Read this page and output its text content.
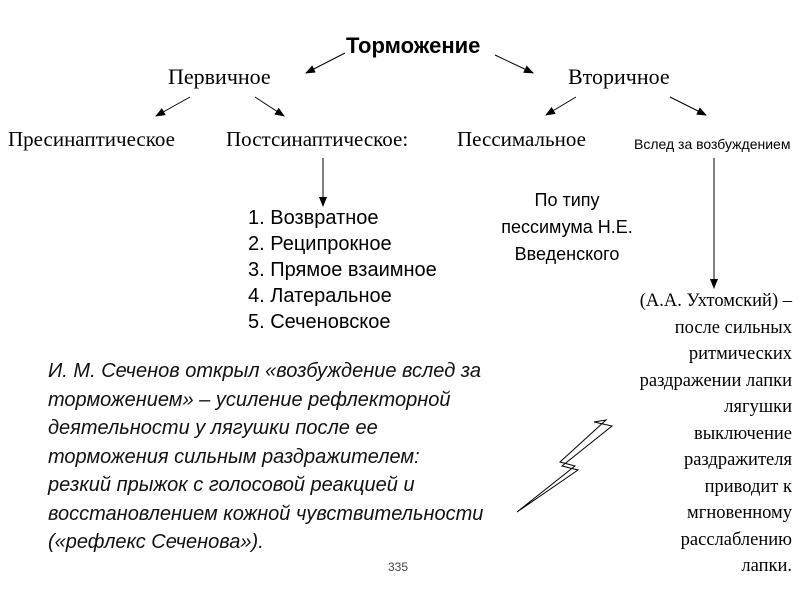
Торможение
Первичное	Вторичное
Пресинаптическое Постсинаптическое: Пессимальное	Вслед за возбуждением
1. Возвратное
2. Реципрокное
3. Прямое взаимное
4. Латеральное
5. Сеченовское
По типу
пессимума Н.Е.
Введенского
(А.А. Ухтомский) –
после сильных
ритмических
раздражении лапки
лягушки
выключение
раздражителя
приводит к
мгновенному
расслаблению
лапки.
И. М. Сеченов открыл «возбуждение вслед за
торможением» – усиление рефлекторной
деятельности у лягушки после ее
торможения сильным раздражителем:
резкий прыжок с голосовой реакцией и
восстановлением кожной чувствительности
(«рефлекс Сеченова»).
335
